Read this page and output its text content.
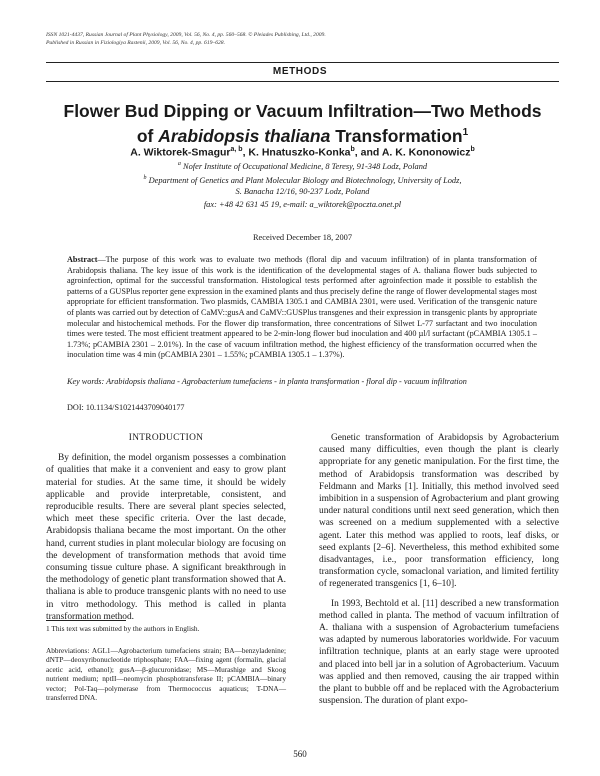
ISSN 1021-4437, Russian Journal of Plant Physiology, 2009, Vol. 56, No. 4, pp. 560–568. © Pleiades Publishing, Ltd., 2009.
Published in Russian in Fiziologiya Rastenii, 2009, Vol. 56, No. 4, pp. 619–628.
METHODS
Flower Bud Dipping or Vacuum Infiltration—Two Methods
of Arabidopsis thaliana Transformation$^1$
A. Wiktorek-Smagur$^{a, b}$, K. Hnatuszko-Konka$^b$, and A. K. Kononowicz$^b$
$^a$ Nofer Institute of Occupational Medicine, 8 Teresy, 91-348 Lodz, Poland
$^b$ Department of Genetics and Plant Molecular Biology and Biotechnology, University of Lodz,
S. Banacha 12/16, 90-237 Lodz, Poland
fax: +48 42 631 45 19, e-mail: a_wiktorek@poczta.onet.pl
Received December 18, 2007
Abstract—The purpose of this work was to evaluate two methods (floral dip and vacuum infiltration) of in planta transformation of Arabidopsis thaliana. The key issue of this work is the identification of the developmental stages of A. thaliana flower buds subjected to agroinfection, optimal for the successful transformation. Histological tests performed after agroinfection made it possible to establish the patterns of a GUSPlus reporter gene expression in the examined plants and thus precisely define the range of flower developmental stages most appropriate for efficient transformation. Two plasmids, CAMBIA 1305.1 and CAMBIA 2301, were used. Verification of the transgenic nature of plants was carried out by detection of CaMV::gusA and CaMV::GUSPlus transgenes and their expression in transgenic plants by appropriate molecular and histochemical methods. For the flower dip transformation, three concentrations of Silwet L-77 surfactant and two inoculation times were tested. The most efficient treatment appeared to be 2-min-long flower bud inoculation and 400 µl/l surfactant (pCAMBIA 1305.1 – 1.73%; pCAMBIA 2301 – 2.01%). In the case of vacuum infiltration method, the highest efficiency of the transformation occurred when the inoculation time was 4 min (pCAMBIA 2301 – 1.55%; pCAMBIA 1305.1 – 1.37%).
Key words: Arabidopsis thaliana - Agrobacterium tumefaciens - in planta transformation - floral dip - vacuum infiltration
DOI: 10.1134/S1021443709040177
INTRODUCTION

By definition, the model organism possesses a combination of qualities that make it a convenient and easy to grow plant material for studies. At the same time, it should be widely applicable and provide interpretable, consistent, and reproducible results. There are several plant species selected, which meet these specific criteria. Over the last decade, Arabidopsis thaliana became the most important. On the other hand, current studies in plant molecular biology are focusing on the development of transformation methods that avoid time consuming tissue culture phase. A significant breakthrough in the methodology of genetic plant transformation showed that A. thaliana is able to produce transgenic plants with no need to use in vitro methodology. This method is called in planta transformation method.

1 This text was submitted by the authors in English.
Abbreviations: AGL1—Agrobacterium tumefaciens strain; BA—benzyladenine; dNTP—deoxyribonucleotide triphosphate; FAA—fixing agent (formalin, glacial acetic acid, ethanol); gusA—β-glucuronidase; MS—Murashige and Skoog nutrient medium; nptII—neomycin phosphotransferase II; pCAMBIA—binary vector; Pol-Taq—polymerase from Thermococcus aquaticus; T-DNA—transferred DNA.

Genetic transformation of Arabidopsis by Agrobacterium caused many difficulties, even though the plant is clearly appropriate for any genetic manipulation. For the first time, the method of Arabidopsis transformation was described by Feldmann and Marks [1]. Initially, this method involved seed imbibition in a suspension of Agrobacterium and plant growing under natural conditions until next seed generation, which then was screened on a medium supplemented with a selective agent. Later this method was applied to roots, leaf disks, or seed explants [2–6]. Nevertheless, this method exhibited some disadvantages, i.e., poor transformation efficiency, long transformation cycle, somaclonal variation, and limited fertility of regenerated transgenics [1, 6–10].

In 1993, Bechtold et al. [11] described a new transformation method called in planta. The method of vacuum infiltration of A. thaliana with a suspension of Agrobacterium tumefaciens was adapted by numerous laboratories worldwide. For vacuum infiltration technique, plants at an early stage were uprooted and placed into bell jar in a solution of Agrobacterium. Vacuum was applied and then removed, causing the air trapped within the plant to bubble off and be replaced with the Agrobacterium suspension. The duration of plant expo-

560
